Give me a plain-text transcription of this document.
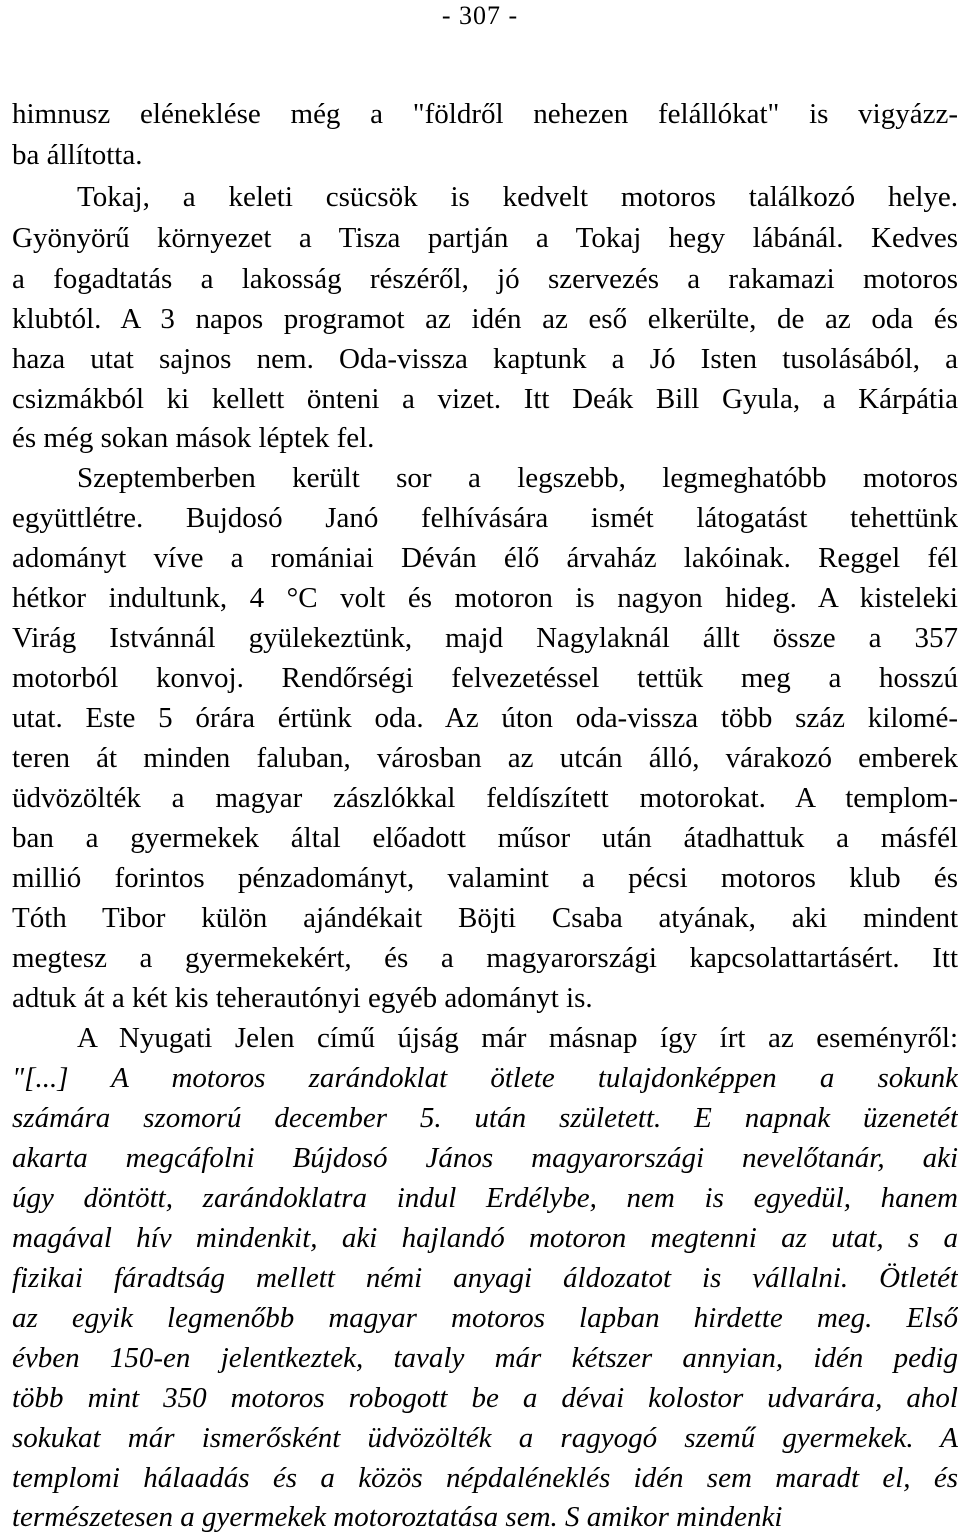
- 307 -
himnusz eléneklése még a "földről nehezen felállókat" is vigyázz-
ba állította.
Tokaj, a keleti csücsök is kedvelt motoros találkozó helye.
Gyönyörű környezet a Tisza partján a Tokaj hegy lábánál. Kedves
a fogadtatás a lakosság részéről, jó szervezés a rakamazi motoros
klubtól. A 3 napos programot az idén az eső elkerülte, de az oda és
haza utat sajnos nem. Oda-vissza kaptunk a Jó Isten tusolásából, a
csizmákból ki kellett önteni a vizet. Itt Deák Bill Gyula, a Kárpátia
és még sokan mások léptek fel.
Szeptemberben került sor a legszebb, legmeghatóbb motoros
együttlétre. Bujdosó Janó felhívására ismét látogatást tehettünk
adományt víve a romániai Déván élő árvaház lakóinak. Reggel fél
hétkor indultunk, 4 °C volt és motoron is nagyon hideg. A kisteleki
Virág Istvánnál gyülekeztünk, majd Nagylaknál állt össze a 357
motorból konvoj. Rendőrségi felvezetéssel tettük meg a hosszú
utat. Este 5 órára értünk oda. Az úton oda-vissza több száz kilomé-
teren át minden faluban, városban az utcán álló, várakozó emberek
üdvözölték a magyar zászlókkal feldíszített motorokat. A templom-
ban a gyermekek által előadott műsor után átadhattuk a másfél
millió forintos pénzadományt, valamint a pécsi motoros klub és
Tóth Tibor külön ajándékait Böjti Csaba atyának, aki mindent
megtesz a gyermekekért, és a magyarországi kapcsolattartásért. Itt
adtuk át a két kis teherautónyi egyéb adományt is.
A Nyugati Jelen című újság már másnap így írt az eseményről:
"[...] A motoros zarándoklat ötlete tulajdonképpen a sokunk
számára szomorú december 5. után született. E napnak üzenetét
akarta megcáfolni Bújdosó János magyarországi nevelőtanár, aki
úgy döntött, zarándoklatra indul Erdélybe, nem is egyedül, hanem
magával hív mindenkit, aki hajlandó motoron megtenni az utat, s a
fizikai fáradtság mellett némi anyagi áldozatot is vállalni. Ötletét
az egyik legmenőbb magyar motoros lapban hirdette meg. Első
évben 150-en jelentkeztek, tavaly már kétszer annyian, idén pedig
több mint 350 motoros robogott be a dévai kolostor udvarára, ahol
sokukat már ismerősként üdvözölték a ragyogó szemű gyermekek. A
templomi hálaadás és a közös népdaléneklés idén sem maradt el, és
természetesen a gyermekek motoroztatása sem. S amikor mindenki
